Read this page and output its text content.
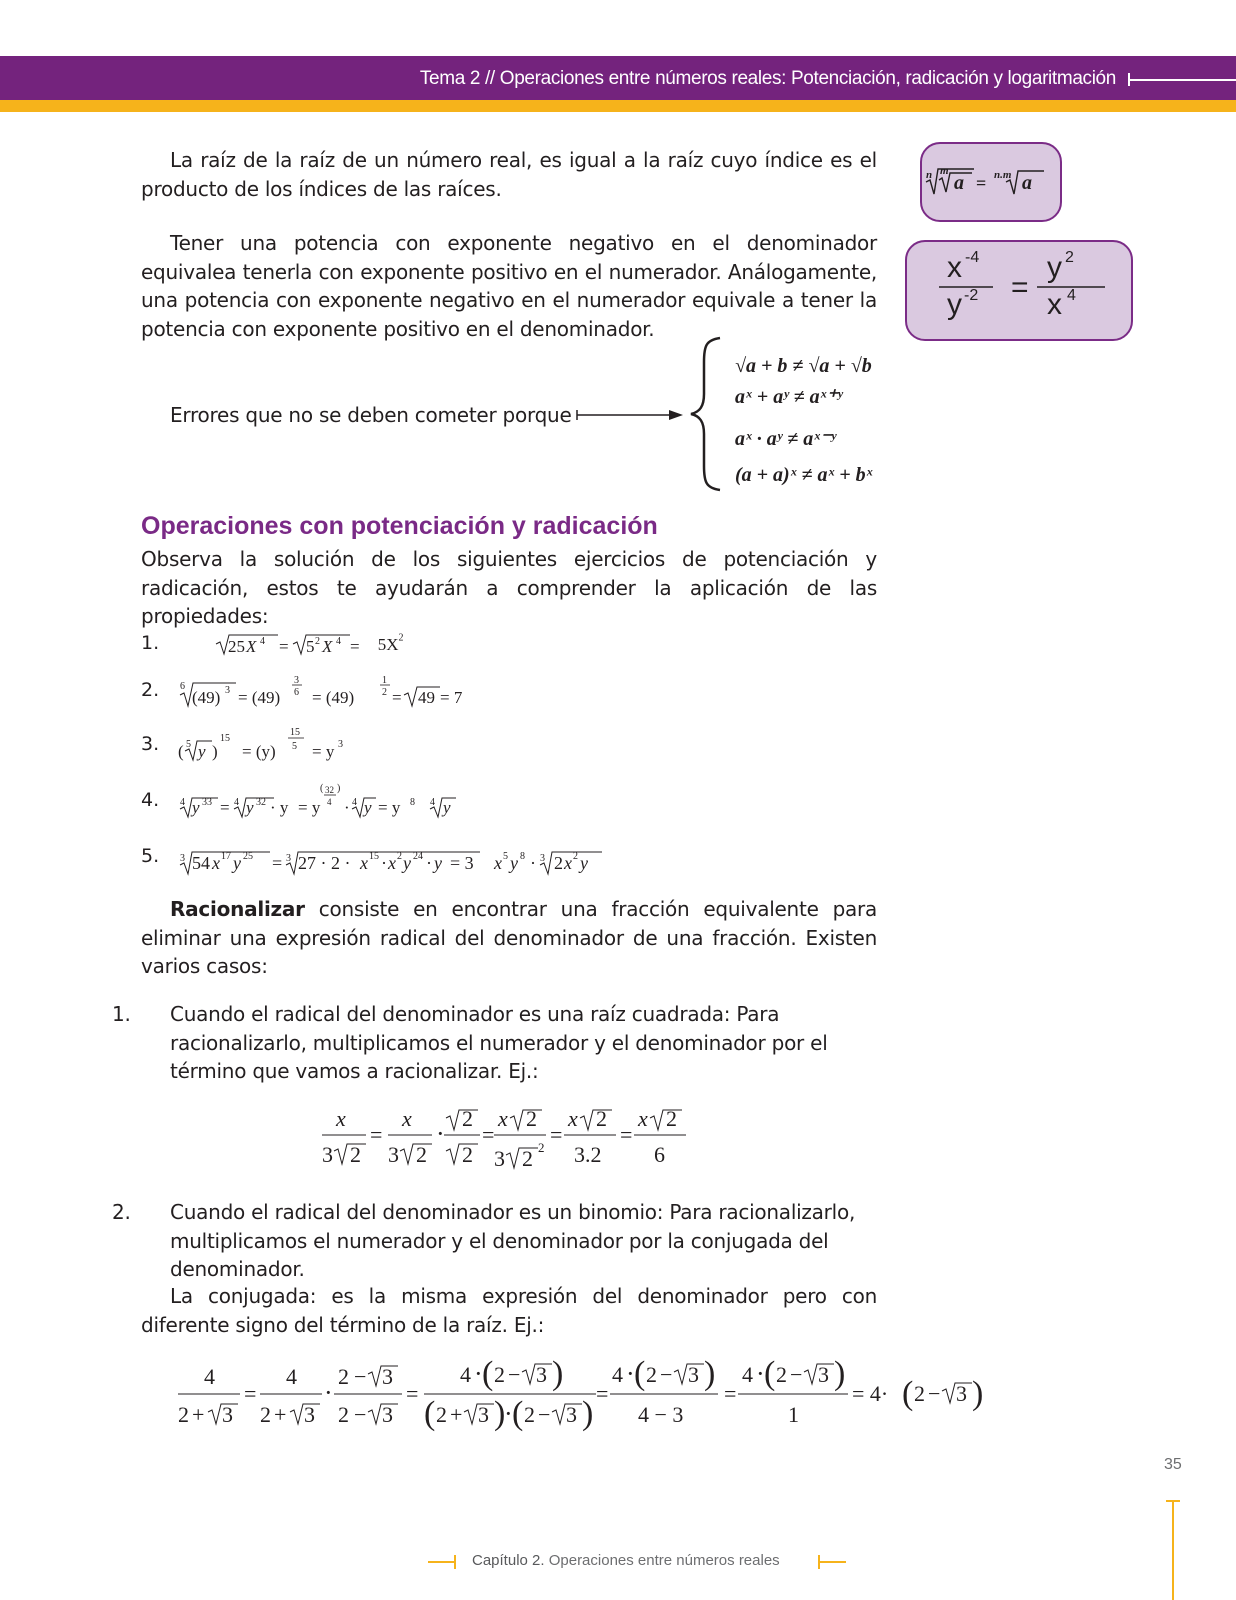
Tema 2 // Operaciones entre números reales: Potenciación, radicación y logaritmación

La raíz de la raíz de un número real, es igual a la raíz cuyo índice es el producto de los índices de las raíces.

Tener una potencia con exponente negativo en el denominador equivalea tenerla con exponente positivo en el numerador. Análogamente, una potencia con exponente negativo en el numerador equivale a tener la potencia con exponente positivo en el denominador.

n m
a = n.m a
x -4
y -2 =
y 2
x 4
Errores que no se deben cometer porque
√a + b ≠ √a + √b
aˣ + aʸ ≠ aˣ⁺ʸ
aˣ · aʸ ≠ aˣ⁻ʸ
(a + a)ˣ ≠ aˣ + bˣ
Operaciones con potenciación y radicación

Observa la solución de los siguientes ejercicios de potenciación y radicación, estos te ayudarán a comprender la aplicación de las propiedades:

1.	25 X 4 = 5 2 X $4 = 5X^2$
2. 6
(49) 3 = (49)
3
6 = (49)
1
2 = 49 = 7
3. ( 5 y )
15
= (y)
15
5 = y 3
4. 4 y 33 = 4 y 32 · y = y
( 32
4
)
· 4 y = y 8 4 y
5. 3 54 x 17 y 25 = 3 27 · 2 · x 15 · x 2 y 24 · y = 3 x 5 y 8 · 3 2 x 2 y

Racionalizar consiste en encontrar una fracción equivalente para eliminar una expresión radical del denominador de una fracción. Existen varios casos:

1. Cuando el radical del denominador es una raíz cuadrada: Para racionalizarlo, multiplicamos el numerador y el denominador por el término que vamos a racionalizar. Ej.:

x
3 2
=
x
3 2
·
2
2
=
x 2
3 2 2
=
x 2
3.2
=
x 2
6

2. Cuando el radical del denominador es un binomio: Para racionalizarlo, multiplicamos el numerador y el denominador por la conjugada del denominador.

La conjugada: es la misma expresión del denominador pero con diferente signo del término de la raíz. Ej.:

4
2 + 3
=
4
2 + 3
·
2 − 3
2 − 3
=
4 · ( 2 − 3 )
( 2 + 3 )
· ( 2 − 3 )
=
4 · ( 2 − 3 )
4 − 3
=
4 · ( 2 − 3 )
1
= 4· ( 2 − 3 )
35
Capítulo 2. Operaciones entre números reales
